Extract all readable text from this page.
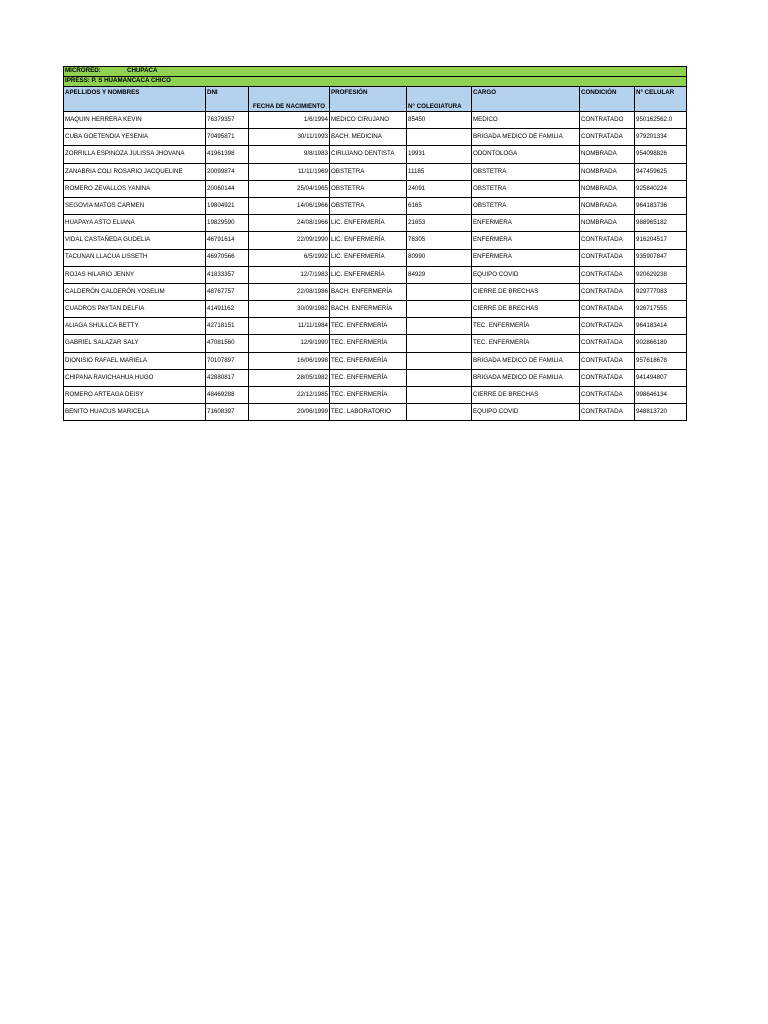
MICRORED: CHUPACA							
IPRESS: P. S HUAMANCACA CHICO							
APELLIDOS Y NOMBRES	DNI	FECHA DE NACIMIENTO	PROFESIÓN	N° COLEGIATURA	CARGO	CONDICIÓN	N° CELULAR
MAQUIN HERRERA KEVIN	76379357	1/6/1994	MEDICO CIRUJANO	85450	MEDICO	CONTRATADO	950162562.0
CUBA GOETENDIA YESENIA	70495871	30/11/1993	BACH. MEDICINA		BRIGADA MEDICO DE FAMILIA	CONTRATADA	979201334
ZORRILLA ESPINOZA JULISSA JHOVANA	41961398	9/8/1983	CIRUJANO DENTISTA	19931	ODONTOLOGA	NOMBRADA	954098826
ZANABRIA COLI ROSARIO JACQUELINE	20099874	11/11/1969	OBSTETRA	11185	OBSTETRA	NOMBRADA	947459625
ROMERO ZEVALLOS YANINA	20060144	25/04/1965	OBSTETRA	24091	OBSTETRA	NOMBRADA	925840224
SEGOVIA MATOS CARMEN	19804921	14/06/1966	OBSTETRA	6165	OBSTETRA	NOMBRADA	964183736
HUAPAYA ASTO ELIANA	19829590	24/08/1966	LIC. ENFERMERÍA	21653	ENFERMERA	NOMBRADA	988965182
VIDAL CASTAÑEDA GUDELIA	46791614	22/09/1990	LIC. ENFERMERÍA	76305	ENFERMERA	CONTRATADA	916204517
TACUNAN LLACUA LISSETH	46970566	6/5/1992	LIC. ENFERMERÍA	80990	ENFERMERA	CONTRATADA	935907847
ROJAS HILARIO JENNY	41833357	12/7/1983	LIC. ENFERMERÍA	84929	EQUIPO COVID	CONTRATADA	920629238
CALDERÓN CALDERÓN YOSELIM	48767757	22/08/1986	BACH. ENFERMERÍA		CIERRE DE BRECHAS	CONTRATADA	929777083
CUADROS PAYTAN DELFIA	41491162	30/09/1982	BACH. ENFERMERÍA		CIERRE DE BRECHAS	CONTRATADA	926717555
ALIAGA SHULLCA BETTY	42718151	11/11/1984	TEC. ENFERMERÍA		TEC. ENFERMERÍA	CONTRATADA	964183414
GABRIEL SALAZAR SALY	47081560	12/9/1990	TEC. ENFERMERÍA		TEC. ENFERMERÍA	CONTRATADA	902866189
DIONISIO RAFAEL MARIELA	70107897	16/06/1998	TEC. ENFERMERÍA		BRIGADA MEDICO DE FAMILIA	CONTRATADA	957618678
CHIPANA RAVICHAHUA HUGO	42880817	28/05/1982	TEC. ENFERMERÍA		BRIGADA MEDICO DE FAMILIA	CONTRATADA	941494807
ROMERO ARTEAGA DEISY	48469288	22/12/1985	TEC. ENFERMERÍA		CIERRE DE BRECHAS	CONTRATADA	998646134
BENITO HUACUS MARICELA	71608397	20/06/1999	TEC. LABORATORIO		EQUIPO COVID	CONTRATADA	948813720
